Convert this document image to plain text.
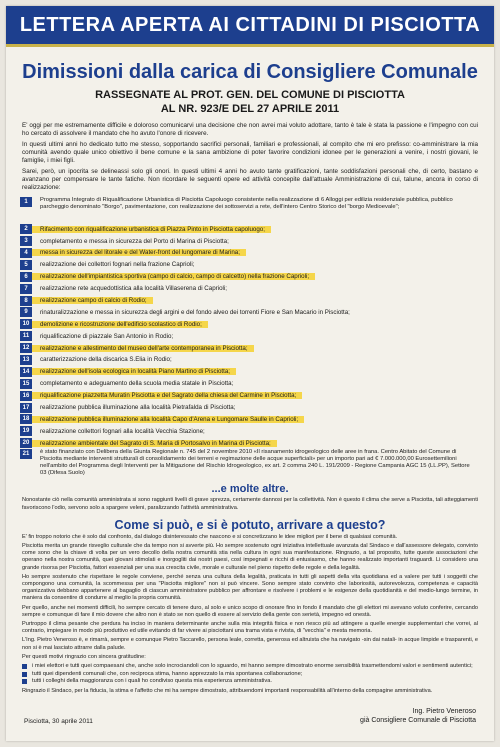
LETTERA APERTA AI CITTADINI DI PISCIOTTA
Dimissioni dalla carica di Consigliere Comunale
RASSEGNATE AL PROT. GEN. DEL COMUNE DI PISCIOTTA
AL NR. 923/E DEL 27 APRILE 2011

E' oggi per me estremamente difficile e doloroso comunicarvi una decisione che non avrei mai voluto adottare, tanto è tale è stata la passione e l'impegno con cui ho cercato di assolvere il mandato che ho avuto l'onore di ricevere.

In questi ultimi anni ho dedicato tutto me stesso, sopportando sacrifici personali, familiari e professionali, al compito che mi ero prefisso: co-amministrare la mia comunità avendo quale unico obiettivo il bene comune e la sana ambizione di poter favorire condizioni idonee per le generazioni a venire, i nostri giovani, le famiglie, i miei figli.

Sarei, però, un ipocrita se delineassi solo gli onori. In questi ultimi 4 anni ho avuto tante gratificazioni, tante soddisfazioni personali che, di certo, bastano e avanzano per compensare le tante fatiche. Non ricordare le seguenti opere ed attività concepite dall'attuale Amministrazione di cui, talune, ancora in corso di realizzazione:

1	Programma Integrato di Riqualificazione Urbanistica di Pisciotta Capoluogo consistente nella realizzazione di 6 Alloggi per edilizia residenziale pubblica, pubblico parcheggio denominato "Borgo", pavimentazione, con realizzazione dei sottoservizi a rete, dell'intero Centro Storico del "borgo Medioevale";
2	Rifacimento con riqualificazione urbanistica di Piazza Pinto in Pisciotta capoluogo;
3	completamento e messa in sicurezza del Porto di Marina di Pisciotta;
4	messa in sicurezza del litorale e del Water-front del lungomare di Marina;
5	realizzazione dei collettori fognari nella frazione Caprioli;
6	realizzazione dell'impiantistica sportiva (campo di calcio, campo di calcetto) nella frazione Caprioli;
7	realizzazione rete acquedottistica alla località Villaserena di Caprioli;
8	realizzazione campo di calcio di Rodio;
9	rinaturalizzazione e messa in sicurezza degli argini e del fondo alveo dei torrenti Fiore e San Macario in Pisciotta;
10	demolizione e ricostruzione dell'edificio scolastico di Rodio;
11	riqualificazione di piazzale San Antonio in Rodio;
12	realizzazione e allestimento del museo dell'arte contemporanea in Pisciotta;
13	caratterizzazione della discarica S.Elia in Rodio;
14	realizzazione dell'isola ecologica in località Piano Martino di Pisciotta;
15	completamento e adeguamento della scuola media statale in Pisciotta;
16	riqualificazione piazzetta Muratin Pisciotta e del Sagrato della chiesa del Carmine in Pisciotta;
17	realizzazione pubblica illuminazione alla località Pietrafalda di Pisciotta;
18	realizzazione pubblica illuminazione alla località Capo d'Arena e Lungomare Saulle in Caprioli;
19	realizzazione collettori fognari alla località Vecchia Stazione;
20	realizzazione ambientale del Sagrato di S. Maria di Portosalvo in Marina di Pisciotta;
21	è stato finanziato con Delibera della Giunta Regionale n. 745 del 2 novembre 2010 «Il risanamento idrogeologico delle aree in frana. Centro Abitato del Comune di Pisciotta mediante interventi strutturali di consolidamento dei terreni e regimazione delle acque superficiali» per un importo pari ad € 7.000.000,00 Eurosettemilioni nell'ambito del Programma degli Interventi per la Mitigazione del Rischio Idrogeologico, ex art. 2 comma 240 L. 191/2009 - Regione Campania AGC 15 (LL.PP), Settore 03 (Difesa Suolo)
...e molte altre.
Nonostante ciò nella comunità amministrata si sono raggiunti livelli di grave sprezza, certamente dannosi per la collettività. Non è questo il clima che serve a Pisciotta, tali atteggiamenti favoriscono l'odio, servono solo a spargere veleni, paralizzando l'attività amministrativa.
Come si può, e si è potuto, arrivare a questo?

E' fin troppo notorio che è solo dal confronto, dal dialogo disinteressato che nascono e si concretizzano le idee migliori per il bene di qualsiasi comunità.

Pisciotta merita un grande risveglio culturale che da tempo non si avverte più. Ho sempre sostenuto ogni iniziativa intellettuale avanzata dal Sindaco e dall'assessore delegato, convinto come sono che la chiave di volta per un vero decollo della nostra comunità stia nella cultura in ogni sua manifestazione. Ringrazio, a tal proposito, tutte queste associazioni che operano nella nostra comunità, quei giovani stimolati e inorgogliti dai nostri paesi, così impegnati e ricchi di entusiasmo, che hanno realizzato importanti traguardi. Li considero una grande risorsa per Pisciotta, fattori essenziali per una sua crescita civile, morale e culturale nel pieno rispetto delle regole e della legalità.

Ho sempre sostenuto che rispettare le regole conviene, perché senza una cultura della legalità, praticata in tutti gli aspetti della vita quotidiana ed a valere per tutti i soggetti che compongono una comunità, la scommessa per una "Pisciotta migliore" non si può vincere. Sono sempre stato convinto che laboriosità, autorevolezza, competenza e capacità organizzativa debbano appartenere al bagaglio di ciascun amministratore pubblico per affrontare e risolvere i problemi e le esigenze della quotidianità e del medio-lungo termine, in maniera da consentire di condurre al meglio la propria comunità.

Per quello, anche nei momenti difficili, ho sempre cercato di tenere duro, al solo e unico scopo di onorare fino in fondo il mandato che gli elettori mi avevano voluto conferire, cercando sempre e comunque di fare il mio dovere che altro non è stato se non quello di essere al servizio della gente con serietà, impegno ed onestà.

Purtroppo il clima pesante che perdura ha inciso in maniera determinante anche sulla mia integrità fisica e non riesco più ad attingere a quelle energie supplementari che vorrei, al contrario, impiegare in modo più produttivo ed utile evitando di far vivere ai pisciottani una trama vista e rivista, di "vecchia" e mesta memoria.

L'Ing. Pietro Veneroso è, e rimarrà, sempre e comunque Pietro Taccarello, persona leale, corretta, generosa ed altruista che ha navigato -sin dai natali- in acque limpide e trasparenti, e non si è mai lasciato attrarre dalla palude.

Per questi motivi ringrazio con sincera gratitudine:

i miei elettori e tutti quei compaesani che, anche solo incrociandoli con lo sguardo, mi hanno sempre dimostrato enorme sensibilità trasmettendomi valori e sentimenti autentici;
tutti quei dipendenti comunali che, con reciproca stima, hanno apprezzato la mia spontanea collaborazione;
tutti i colleghi della maggioranza con i quali ho condiviso questa mia esperienza amministrativa.
Ringrazio il Sindaco, per la fiducia, la stima e l'affetto che mi ha sempre dimostrato, attribuendomi importanti responsabilità all'interno della compagine amministrativa.
Pisciotta, 30 aprile 2011
Ing. Pietro Veneroso
già Consigliere Comunale di Pisciotta
